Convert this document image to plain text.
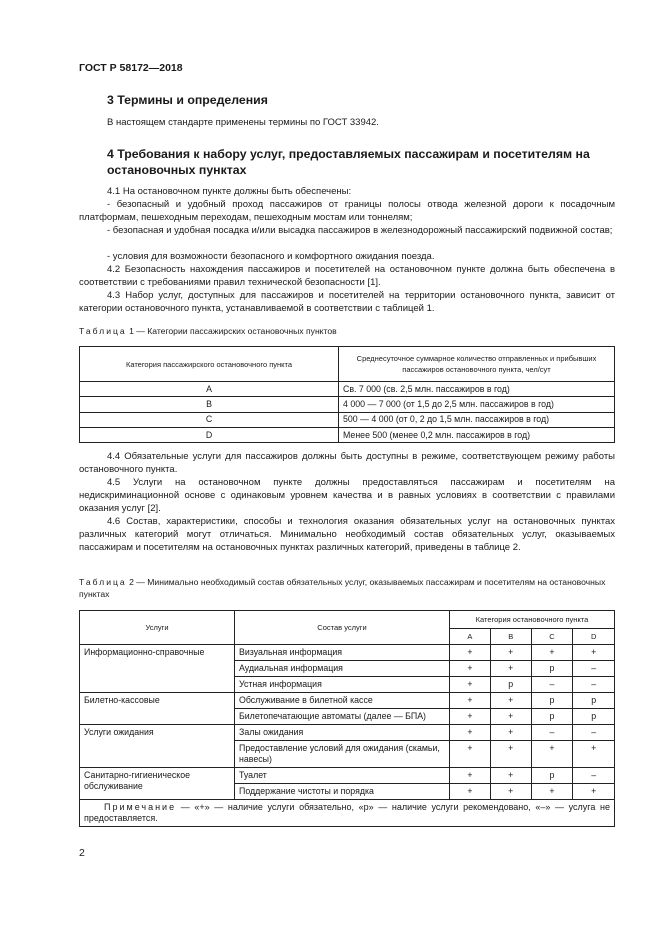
ГОСТ Р 58172—2018
3 Термины и определения
В настоящем стандарте применены термины по ГОСТ 33942.
4 Требования к набору услуг, предоставляемых пассажирам и посетителям на остановочных пунктах
4.1 На остановочном пункте должны быть обеспечены:
- безопасный и удобный проход пассажиров от границы полосы отвода железной дороги к посадочным платформам, пешеходным переходам, пешеходным мостам или тоннелям;
- безопасная и удобная посадка и/или высадка пассажиров в железнодорожный пассажирский подвижной состав;
- условия для возможности безопасного и комфортного ожидания поезда.
4.2 Безопасность нахождения пассажиров и посетителей на остановочном пункте должна быть обеспечена в соответствии с требованиями правил технической безопасности [1].
4.3 Набор услуг, доступных для пассажиров и посетителей на территории остановочного пункта, зависит от категории остановочного пункта, устанавливаемой в соответствии с таблицей 1.
Таблица 1 — Категории пассажирских остановочных пунктов
4.4 Обязательные услуги для пассажиров должны быть доступны в режиме, соответствующем режиму работы остановочного пункта.
4.5 Услуги на остановочном пункте должны предоставляться пассажирам и посетителям на недискриминационной основе с одинаковым уровнем качества и в равных условиях в соответствии с правилами оказания услуг [2].
4.6 Состав, характеристики, способы и технология оказания обязательных услуг на остановочных пунктах различных категорий могут отличаться. Минимально необходимый состав обязательных услуг, оказываемых пассажирам и посетителям на остановочных пунктах различных категорий, приведены в таблице 2.
Таблица 2 — Минимально необходимый состав обязательных услуг, оказываемых пассажирам и посетителям на остановочных пунктах
Категория пассажирского остановочного пункта	Среднесуточное суммарное количество отправленных и прибывших пассажиров остановочного пункта, чел/сут
A	Св. 7 000 (св. 2,5 млн. пассажиров в год)
B	4 000 — 7 000 (от 1,5 до 2,5 млн. пассажиров в год)
C	500 — 4 000 (от 0, 2 до 1,5 млн. пассажиров в год)
D	Менее 500 (менее 0,2 млн. пассажиров в год)
Услуги	Состав услуги	Категория остановочного пункта			
		A	B	C	D
Информационно-справочные	Визуальная информация	+	+	+	+
	Аудиальная информация	+	+	р	–
	Устная информация	+	р	–	–
Билетно-кассовые	Обслуживание в билетной кассе	+	+	р	р
	Билетопечатающие автоматы (далее — БПА)	+	+	р	р
Услуги ожидания	Залы ожидания	+	+	–	–
	Предоставление условий для ожидания (скамьи, навесы)	+	+	+	+
Санитарно-гигиеническое обслуживание	Туалет	+	+	р	–
	Поддержание чистоты и порядка	+	+	+	+
Примечание — «+» — наличие услуги обязательно, «р» — наличие услуги рекомендовано, «–» — услуга не предоставляется.					
2
